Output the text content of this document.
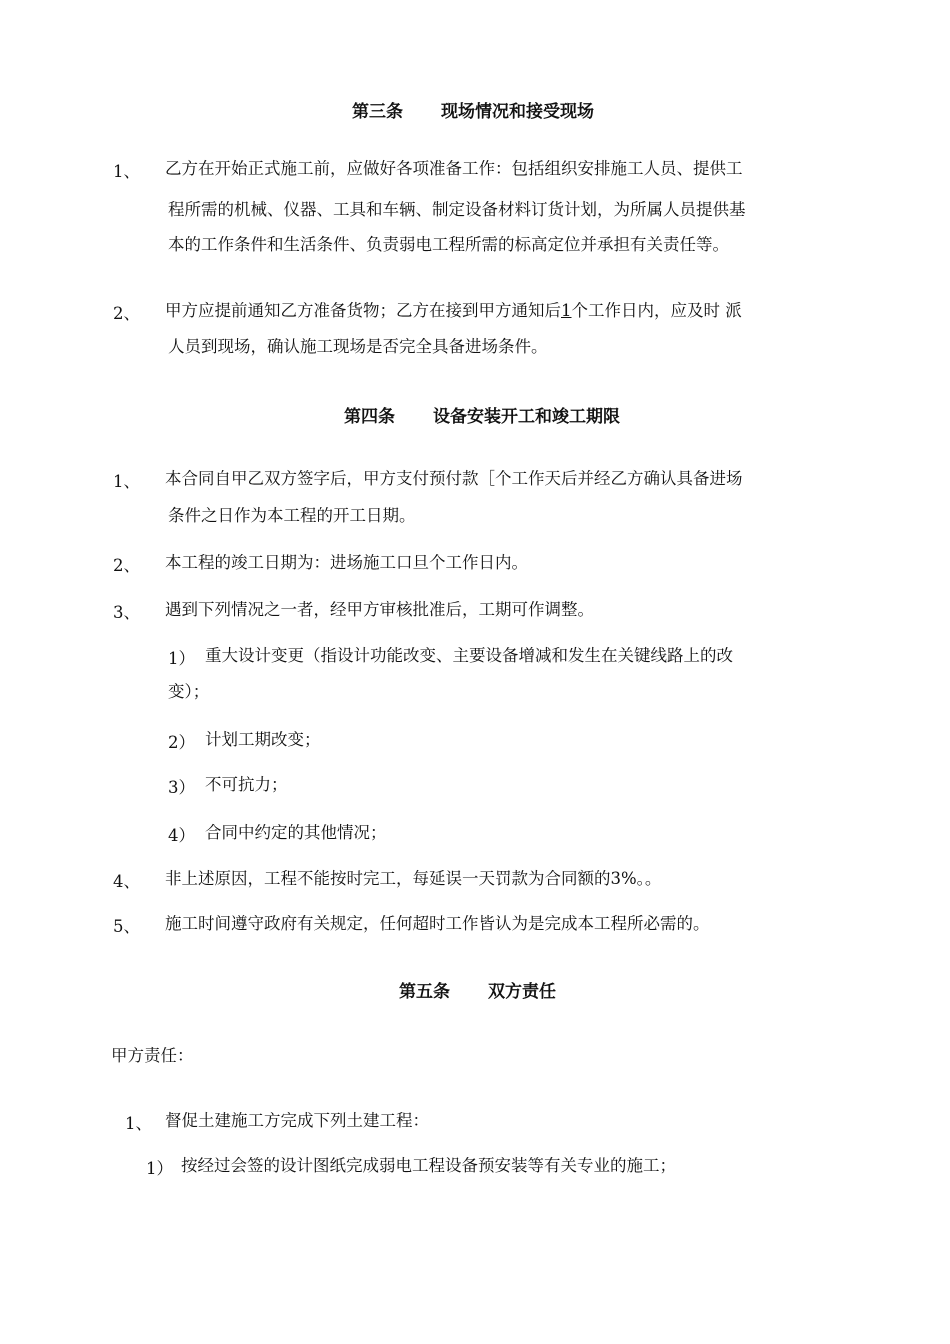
第三条 现场情况和接受现场
1、 乙方在开始正式施工前，应做好各项准备工作：包括组织安排施工人员、提供工
程所需的机械、仪器、工具和车辆、制定设备材料订货计划，为所属人员提供基
本的工作条件和生活条件、负责弱电工程所需的标高定位并承担有关责任等。
2、 甲方应提前通知乙方准备货物；乙方在接到甲方通知后1个工作日内，应及时 派
人员到现场，确认施工现场是否完全具备进场条件。
第四条 设备安装开工和竣工期限
1、 本合同自甲乙双方签字后，甲方支付预付款［个工作天后并经乙方确认具备进场
条件之日作为本工程的开工日期。
2、 本工程的竣工日期为：进场施工口旦个工作日内。
3、 遇到下列情况之一者，经甲方审核批准后，工期可作调整。
1） 重大设计变更（指设计功能改变、主要设备增减和发生在关键线路上的改
变）；
2） 计划工期改变；
3） 不可抗力；
4） 合同中约定的其他情况；
4、 非上述原因，工程不能按时完工，每延误一天罚款为合同额的3%。。
5、 施工时间遵守政府有关规定，任何超时工作皆认为是完成本工程所必需的。
第五条 双方责任
甲方责任：
1、 督促土建施工方完成下列土建工程：
1） 按经过会签的设计图纸完成弱电工程设备预安装等有关专业的施工；
